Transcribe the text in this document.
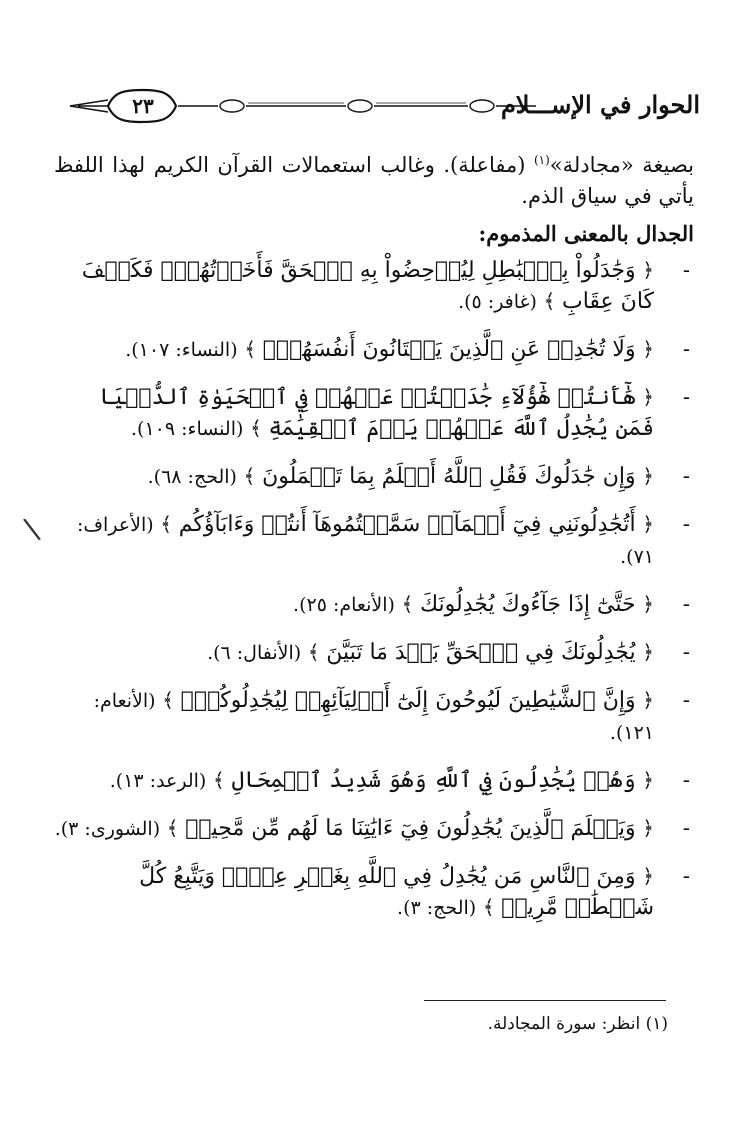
٢٣	الحوار في الإســـلام

بصيغة «مجادلة»$^{(١)}$ (مفاعلة). وغالب استعمالات القرآن الكريم لهذا اللفظ يأتي في سياق الذم.

الجدال بالمعنى المذموم:
-
﴿ وَجَٰدَلُواْ بِٱلۡبَٰطِلِ لِيُدۡحِضُواْ بِهِ ٱلۡحَقَّ فَأَخَذۡتُهُمۡۖ فَكَيۡفَ كَانَ عِقَابِ ﴾ (غافر: ٥).
-
﴿ وَلَا تُجَٰدِلۡ عَنِ ٱلَّذِينَ يَخۡتَانُونَ أَنفُسَهُمۡۚ ﴾ (النساء: ١٠٧).
-
﴿ هَٰٓأَنتُمۡ هَٰٓؤُلَآءِ جَٰدَلۡتُمۡ عَنۡهُمۡ فِي ٱلۡحَيَوٰةِ ٱلدُّنۡيَا فَمَن يُجَٰدِلُ ٱللَّهَ عَنۡهُمۡ يَوۡمَ ٱلۡقِيَٰمَةِ ﴾ (النساء: ١٠٩).
-
﴿ وَإِن جَٰدَلُوكَ فَقُلِ ٱللَّهُ أَعۡلَمُ بِمَا تَعۡمَلُونَ ﴾ (الحج: ٦٨).
-
﴿ أَتُجَٰدِلُونَنِي فِيٓ أَسۡمَآءٖ سَمَّيۡتُمُوهَآ أَنتُمۡ وَءَابَآؤُكُم ﴾ (الأعراف: ٧١).
-
﴿ حَتَّىٰٓ إِذَا جَآءُوكَ يُجَٰدِلُونَكَ ﴾ (الأنعام: ٢٥).
-
﴿ يُجَٰدِلُونَكَ فِي ٱلۡحَقِّ بَعۡدَ مَا تَبَيَّنَ ﴾ (الأنفال: ٦).
-
﴿ وَإِنَّ ٱلشَّيَٰطِينَ لَيُوحُونَ إِلَىٰٓ أَوۡلِيَآئِهِمۡ لِيُجَٰدِلُوكُمۡۖ ﴾ (الأنعام: ١٢١).
-
﴿ وَهُمۡ يُجَٰدِلُونَ فِي ٱللَّهِ وَهُوَ شَدِيدُ ٱلۡمِحَالِ ﴾ (الرعد: ١٣).
-
﴿ وَيَعۡلَمَ ٱلَّذِينَ يُجَٰدِلُونَ فِيٓ ءَايَٰتِنَا مَا لَهُم مِّن مَّحِيصٖ ﴾ (الشورى: ٣).
-
﴿ وَمِنَ ٱلنَّاسِ مَن يُجَٰدِلُ فِي ٱللَّهِ بِغَيۡرِ عِلۡمٖ وَيَتَّبِعُ كُلَّ شَيۡطَٰنٖ مَّرِيدٖ ﴾ (الحج: ٣).
\
(١) انظر: سورة المجادلة.
